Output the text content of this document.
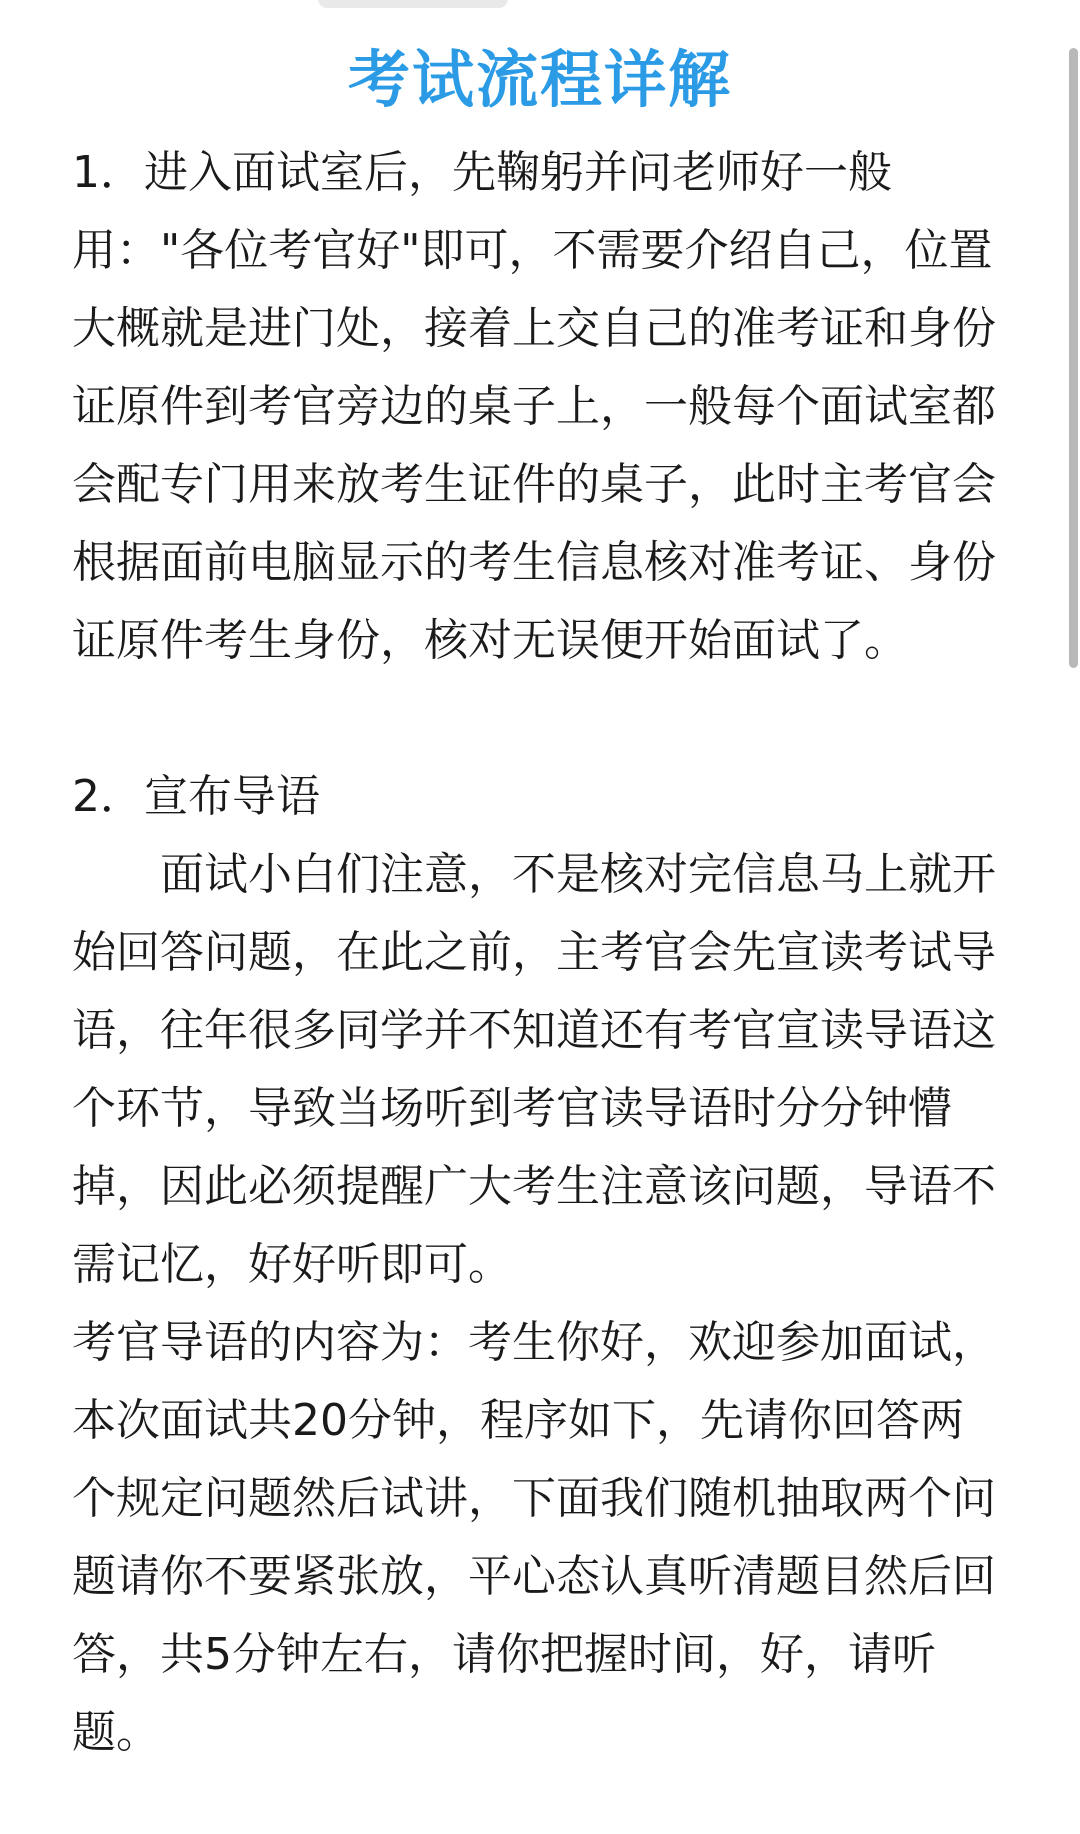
考试流程详解

1．进入面试室后，先鞠躬并问老师好一般用："各位考官好"即可，不需要介绍自己，位置大概就是进门处，接着上交自己的准考证和身份证原件到考官旁边的桌子上，一般每个面试室都会配专门用来放考生证件的桌子，此时主考官会根据面前电脑显示的考生信息核对准考证、身份证原件考生身份，核对无误便开始面试了。

2．宣布导语

面试小白们注意，不是核对完信息马上就开始回答问题，在此之前，主考官会先宣读考试导语，往年很多同学并不知道还有考官宣读导语这个环节，导致当场听到考官读导语时分分钟懵掉，因此必须提醒广大考生注意该问题，导语不需记忆，好好听即可。

考官导语的内容为：考生你好，欢迎参加面试，本次面试共20分钟，程序如下，先请你回答两个规定问题然后试讲，下面我们随机抽取两个问题请你不要紧张放，平心态认真听清题目然后回答，共5分钟左右，请你把握时间，好，请听题。
